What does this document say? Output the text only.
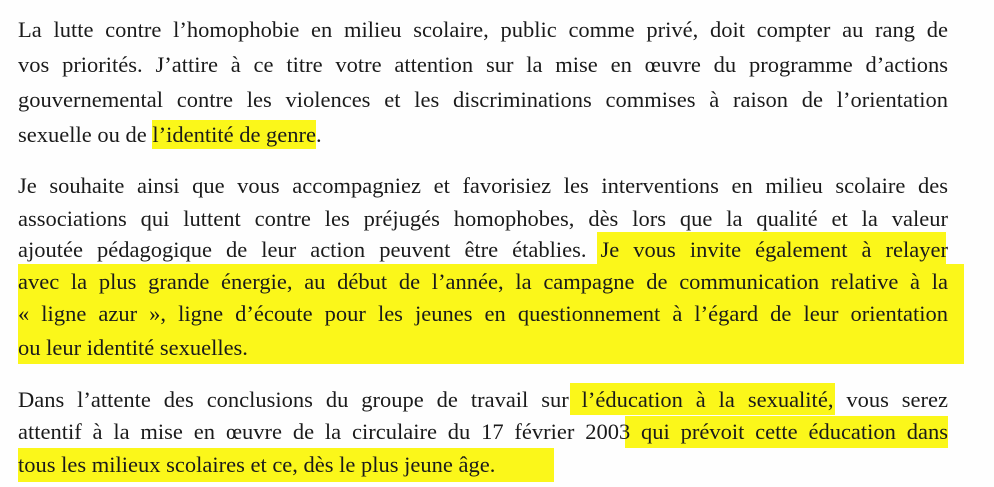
La lutte contre l’homophobie en milieu scolaire, public comme privé, doit compter au rang de
vos priorités. J’attire à ce titre votre attention sur la mise en œuvre du programme d’actions
gouvernemental contre les violences et les discriminations commises à raison de l’orientation
sexuelle ou de l’identité de genre.
Je souhaite ainsi que vous accompagniez et favorisiez les interventions en milieu scolaire des
associations qui luttent contre les préjugés homophobes, dès lors que la qualité et la valeur
ajoutée pédagogique de leur action peuvent être établies. Je vous invite également à relayer
avec la plus grande énergie, au début de l’année, la campagne de communication relative à la
« ligne azur », ligne d’écoute pour les jeunes en questionnement à l’égard de leur orientation
ou leur identité sexuelles.
Dans l’attente des conclusions du groupe de travail sur l’éducation à la sexualité, vous serez
attentif à la mise en œuvre de la circulaire du 17 février 2003 qui prévoit cette éducation dans
tous les milieux scolaires et ce, dès le plus jeune âge.
